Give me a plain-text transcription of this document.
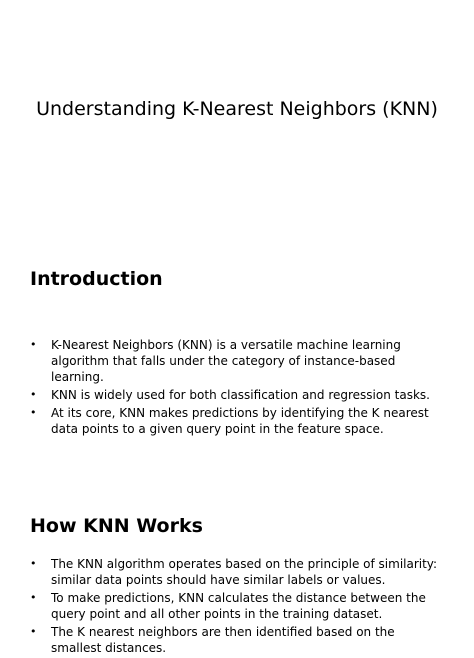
Understanding K-Nearest Neighbors (KNN)
Introduction
• K-Nearest Neighbors (KNN) is a versatile machine learning algorithm that falls under the category of instance-based learning.
• KNN is widely used for both classification and regression tasks.
• At its core, KNN makes predictions by identifying the K nearest data points to a given query point in the feature space.
How KNN Works
• The KNN algorithm operates based on the principle of similarity: similar data points should have similar labels or values.
• To make predictions, KNN calculates the distance between the query point and all other points in the training dataset.
• The K nearest neighbors are then identified based on the smallest distances.
